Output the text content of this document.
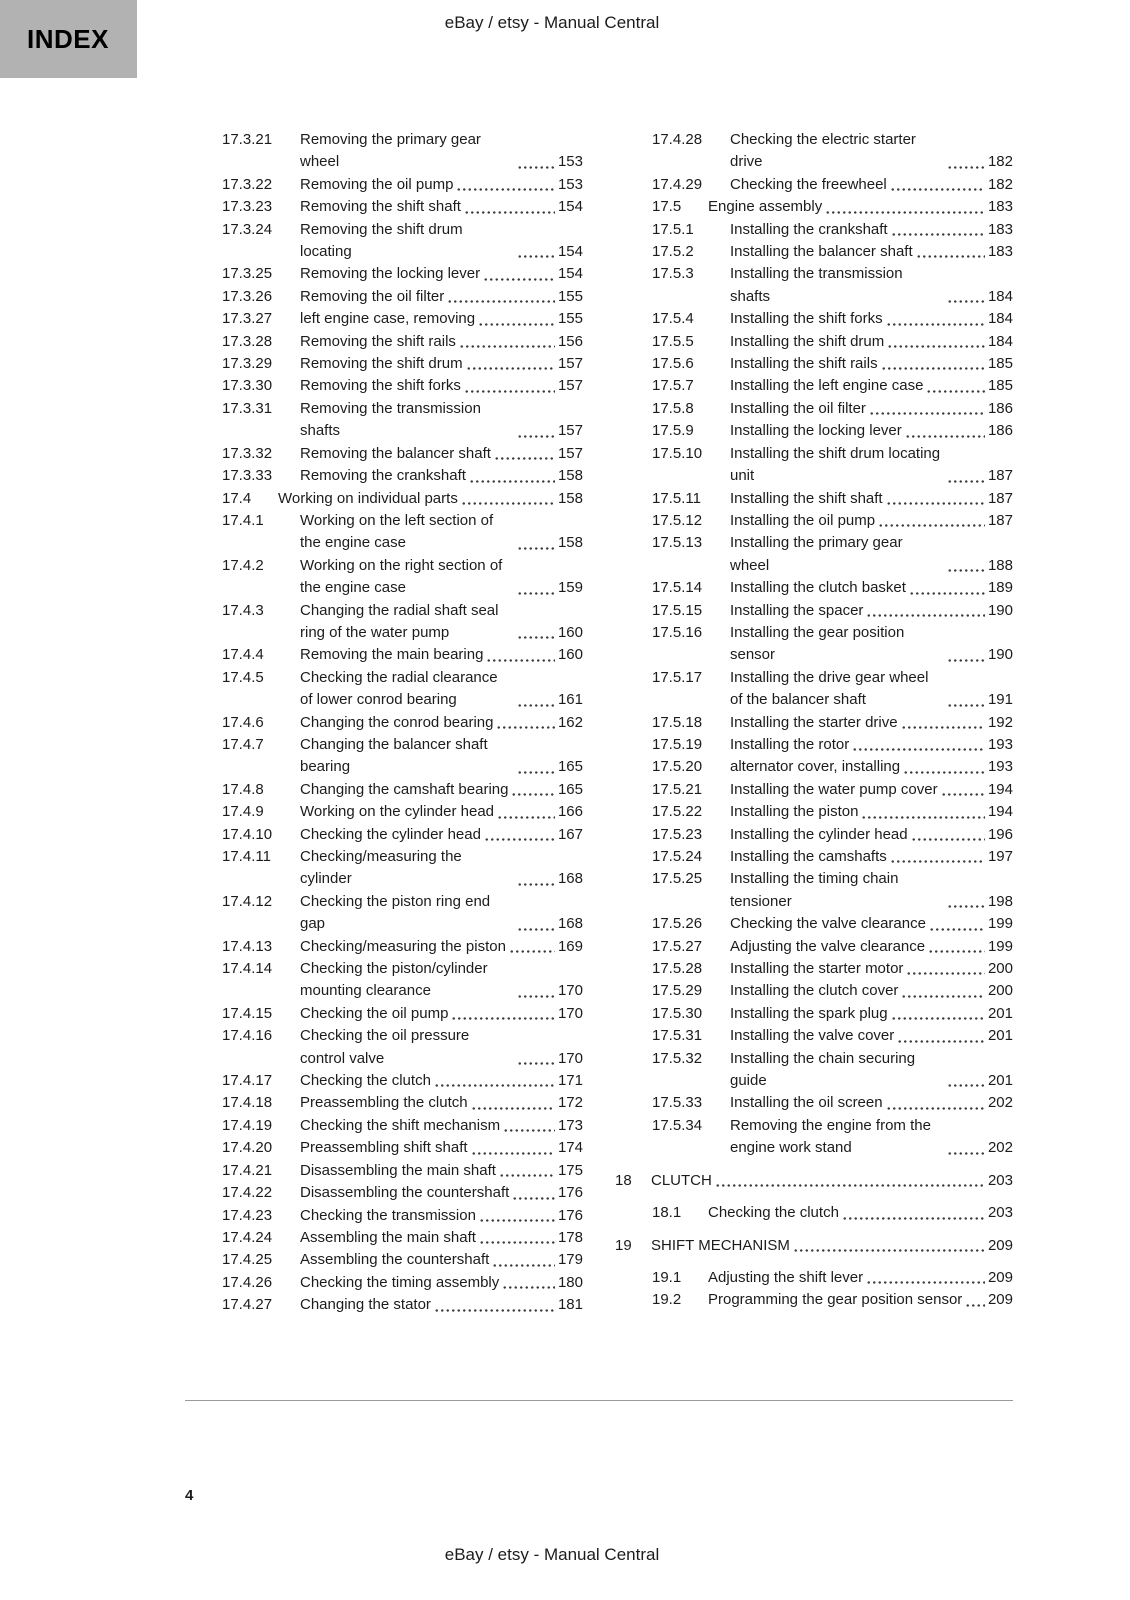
INDEX
eBay / etsy - Manual Central
17.3.21	Removing the primary gear wheel	153
17.3.22	Removing the oil pump	153
17.3.23	Removing the shift shaft	154
17.3.24	Removing the shift drum locating	154
17.3.25	Removing the locking lever	154
17.3.26	Removing the oil filter	155
17.3.27	left engine case, removing	155
17.3.28	Removing the shift rails	156
17.3.29	Removing the shift drum	157
17.3.30	Removing the shift forks	157
17.3.31	Removing the transmission shafts	157
17.3.32	Removing the balancer shaft	157
17.3.33	Removing the crankshaft	158
17.4	Working on individual parts	158
17.4.1	Working on the left section of the engine case	158
17.4.2	Working on the right section of the engine case	159
17.4.3	Changing the radial shaft seal ring of the water pump	160
17.4.4	Removing the main bearing	160
17.4.5	Checking the radial clearance of lower conrod bearing	161
17.4.6	Changing the conrod bearing	162
17.4.7	Changing the balancer shaft bearing	165
17.4.8	Changing the camshaft bearing	165
17.4.9	Working on the cylinder head	166
17.4.10	Checking the cylinder head	167
17.4.11	Checking/measuring the cylinder	168
17.4.12	Checking the piston ring end gap	168
17.4.13	Checking/measuring the piston	169
17.4.14	Checking the piston/cylinder mounting clearance	170
17.4.15	Checking the oil pump	170
17.4.16	Checking the oil pressure control valve	170
17.4.17	Checking the clutch	171
17.4.18	Preassembling the clutch	172
17.4.19	Checking the shift mechanism	173
17.4.20	Preassembling shift shaft	174
17.4.21	Disassembling the main shaft	175
17.4.22	Disassembling the countershaft	176
17.4.23	Checking the transmission	176
17.4.24	Assembling the main shaft	178
17.4.25	Assembling the countershaft	179
17.4.26	Checking the timing assembly	180
17.4.27	Changing the stator	181
17.4.28	Checking the electric starter drive	182
17.4.29	Checking the freewheel	182
17.5	Engine assembly	183
17.5.1	Installing the crankshaft	183
17.5.2	Installing the balancer shaft	183
17.5.3	Installing the transmission shafts	184
17.5.4	Installing the shift forks	184
17.5.5	Installing the shift drum	184
17.5.6	Installing the shift rails	185
17.5.7	Installing the left engine case	185
17.5.8	Installing the oil filter	186
17.5.9	Installing the locking lever	186
17.5.10	Installing the shift drum locating unit	187
17.5.11	Installing the shift shaft	187
17.5.12	Installing the oil pump	187
17.5.13	Installing the primary gear wheel	188
17.5.14	Installing the clutch basket	189
17.5.15	Installing the spacer	190
17.5.16	Installing the gear position sensor	190
17.5.17	Installing the drive gear wheel of the balancer shaft	191
17.5.18	Installing the starter drive	192
17.5.19	Installing the rotor	193
17.5.20	alternator cover, installing	193
17.5.21	Installing the water pump cover	194
17.5.22	Installing the piston	194
17.5.23	Installing the cylinder head	196
17.5.24	Installing the camshafts	197
17.5.25	Installing the timing chain tensioner	198
17.5.26	Checking the valve clearance	199
17.5.27	Adjusting the valve clearance	199
17.5.28	Installing the starter motor	200
17.5.29	Installing the clutch cover	200
17.5.30	Installing the spark plug	201
17.5.31	Installing the valve cover	201
17.5.32	Installing the chain securing guide	201
17.5.33	Installing the oil screen	202
17.5.34	Removing the engine from the engine work stand	202
18	CLUTCH	203
18.1	Checking the clutch	203
19	SHIFT MECHANISM	209
19.1	Adjusting the shift lever	209
19.2	Programming the gear position sensor 209
4
eBay / etsy - Manual Central
